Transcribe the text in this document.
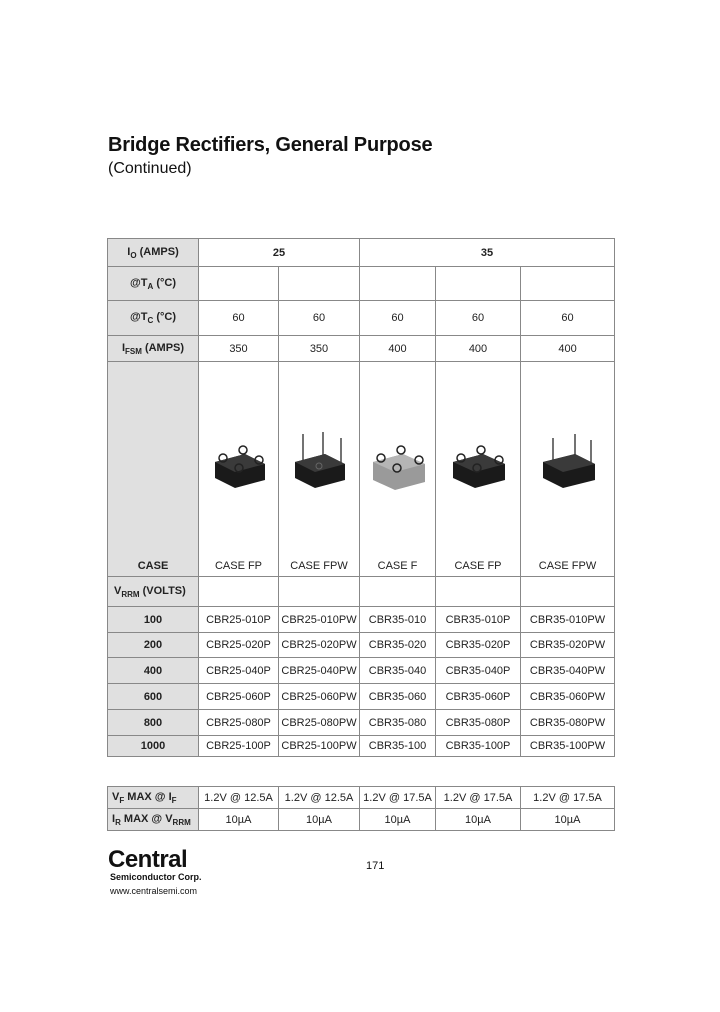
Bridge Rectifiers, General Purpose
(Continued)
$I_O$ (AMPS)	25		35		
$@T_A$ (°C)					
$@T_C$ (°C)	60	60	60	60	60
$I_{FSM}$ (AMPS)	350	350	400	400	400

CASE	CASE FP	CASE FPW	CASE F	CASE FP	CASE FPW

$V_{RRM}$ (VOLTS)					
100	CBR25-010P	CBR25-010PW	CBR35-010	CBR35-010P	CBR35-010PW
200	CBR25-020P	CBR25-020PW	CBR35-020	CBR35-020P	CBR35-020PW
400	CBR25-040P	CBR25-040PW	CBR35-040	CBR35-040P	CBR35-040PW
600	CBR25-060P	CBR25-060PW	CBR35-060	CBR35-060P	CBR35-060PW
800	CBR25-080P	CBR25-080PW	CBR35-080	CBR35-080P	CBR35-080PW
1000	CBR25-100P	CBR25-100PW	CBR35-100	CBR35-100P	CBR35-100PW
$V_F$ MAX @ $I_F$	1.2V @ 12.5A	1.2V @ 12.5A	1.2V @ 17.5A	1.2V @ 17.5A	1.2V @ 17.5A
$I_R$ MAX @ $V_{RRM}$	10µA	10µA	10µA	10µA	10µA
Central
Semiconductor Corp.
www.centralsemi.com
171
